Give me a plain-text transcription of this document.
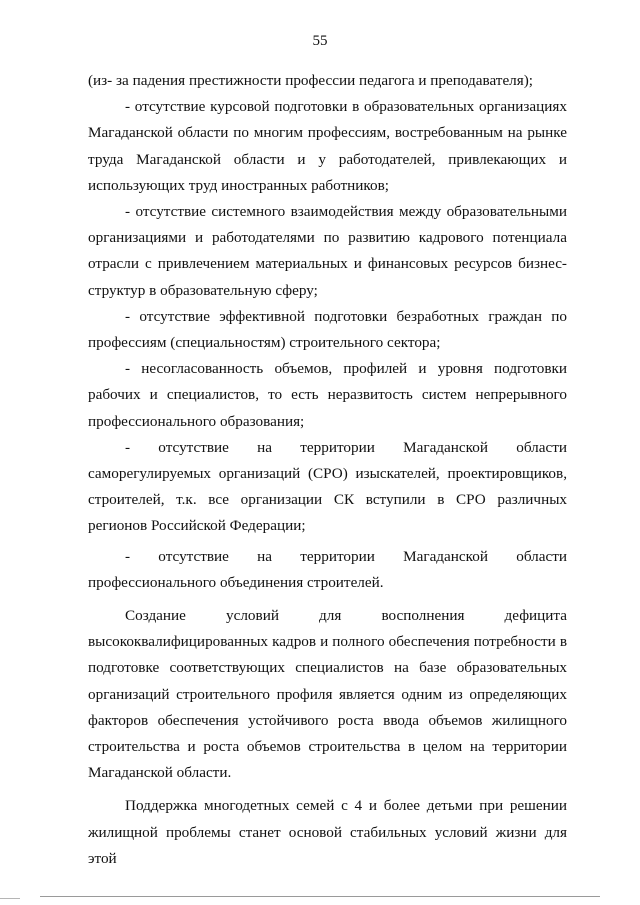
55

(из- за падения престижности профессии педагога и преподавателя);

- отсутствие курсовой подготовки в образовательных организациях Магаданской области по многим профессиям, востребованным на рынке труда Магаданской области и у работодателей, привлекающих и использующих труд иностранных работников;

- отсутствие системного взаимодействия между образовательными организациями и работодателями по развитию кадрового потенциала отрасли с привлечением материальных и финансовых ресурсов бизнес-структур в образовательную сферу;

- отсутствие эффективной подготовки безработных граждан по профессиям (специальностям) строительного сектора;

- несогласованность объемов, профилей и уровня подготовки рабочих и специалистов, то есть неразвитость систем непрерывного профессионального образования;

- отсутствие на территории Магаданской области саморегулируемых организаций (СРО) изыскателей, проектировщиков, строителей, т.к. все организации СК вступили в СРО различных регионов Российской Федерации;

- отсутствие на территории Магаданской области профессионального объединения строителей.

Создание условий для восполнения дефицита высококвалифицированных кадров и полного обеспечения потребности в подготовке соответствующих специалистов на базе образовательных организаций строительного профиля является одним из определяющих факторов обеспечения устойчивого роста ввода объемов жилищного строительства и роста объемов строительства в целом на территории Магаданской области.

Поддержка многодетных семей с 4 и более детьми при решении жилищной проблемы станет основой стабильных условий жизни для этой
